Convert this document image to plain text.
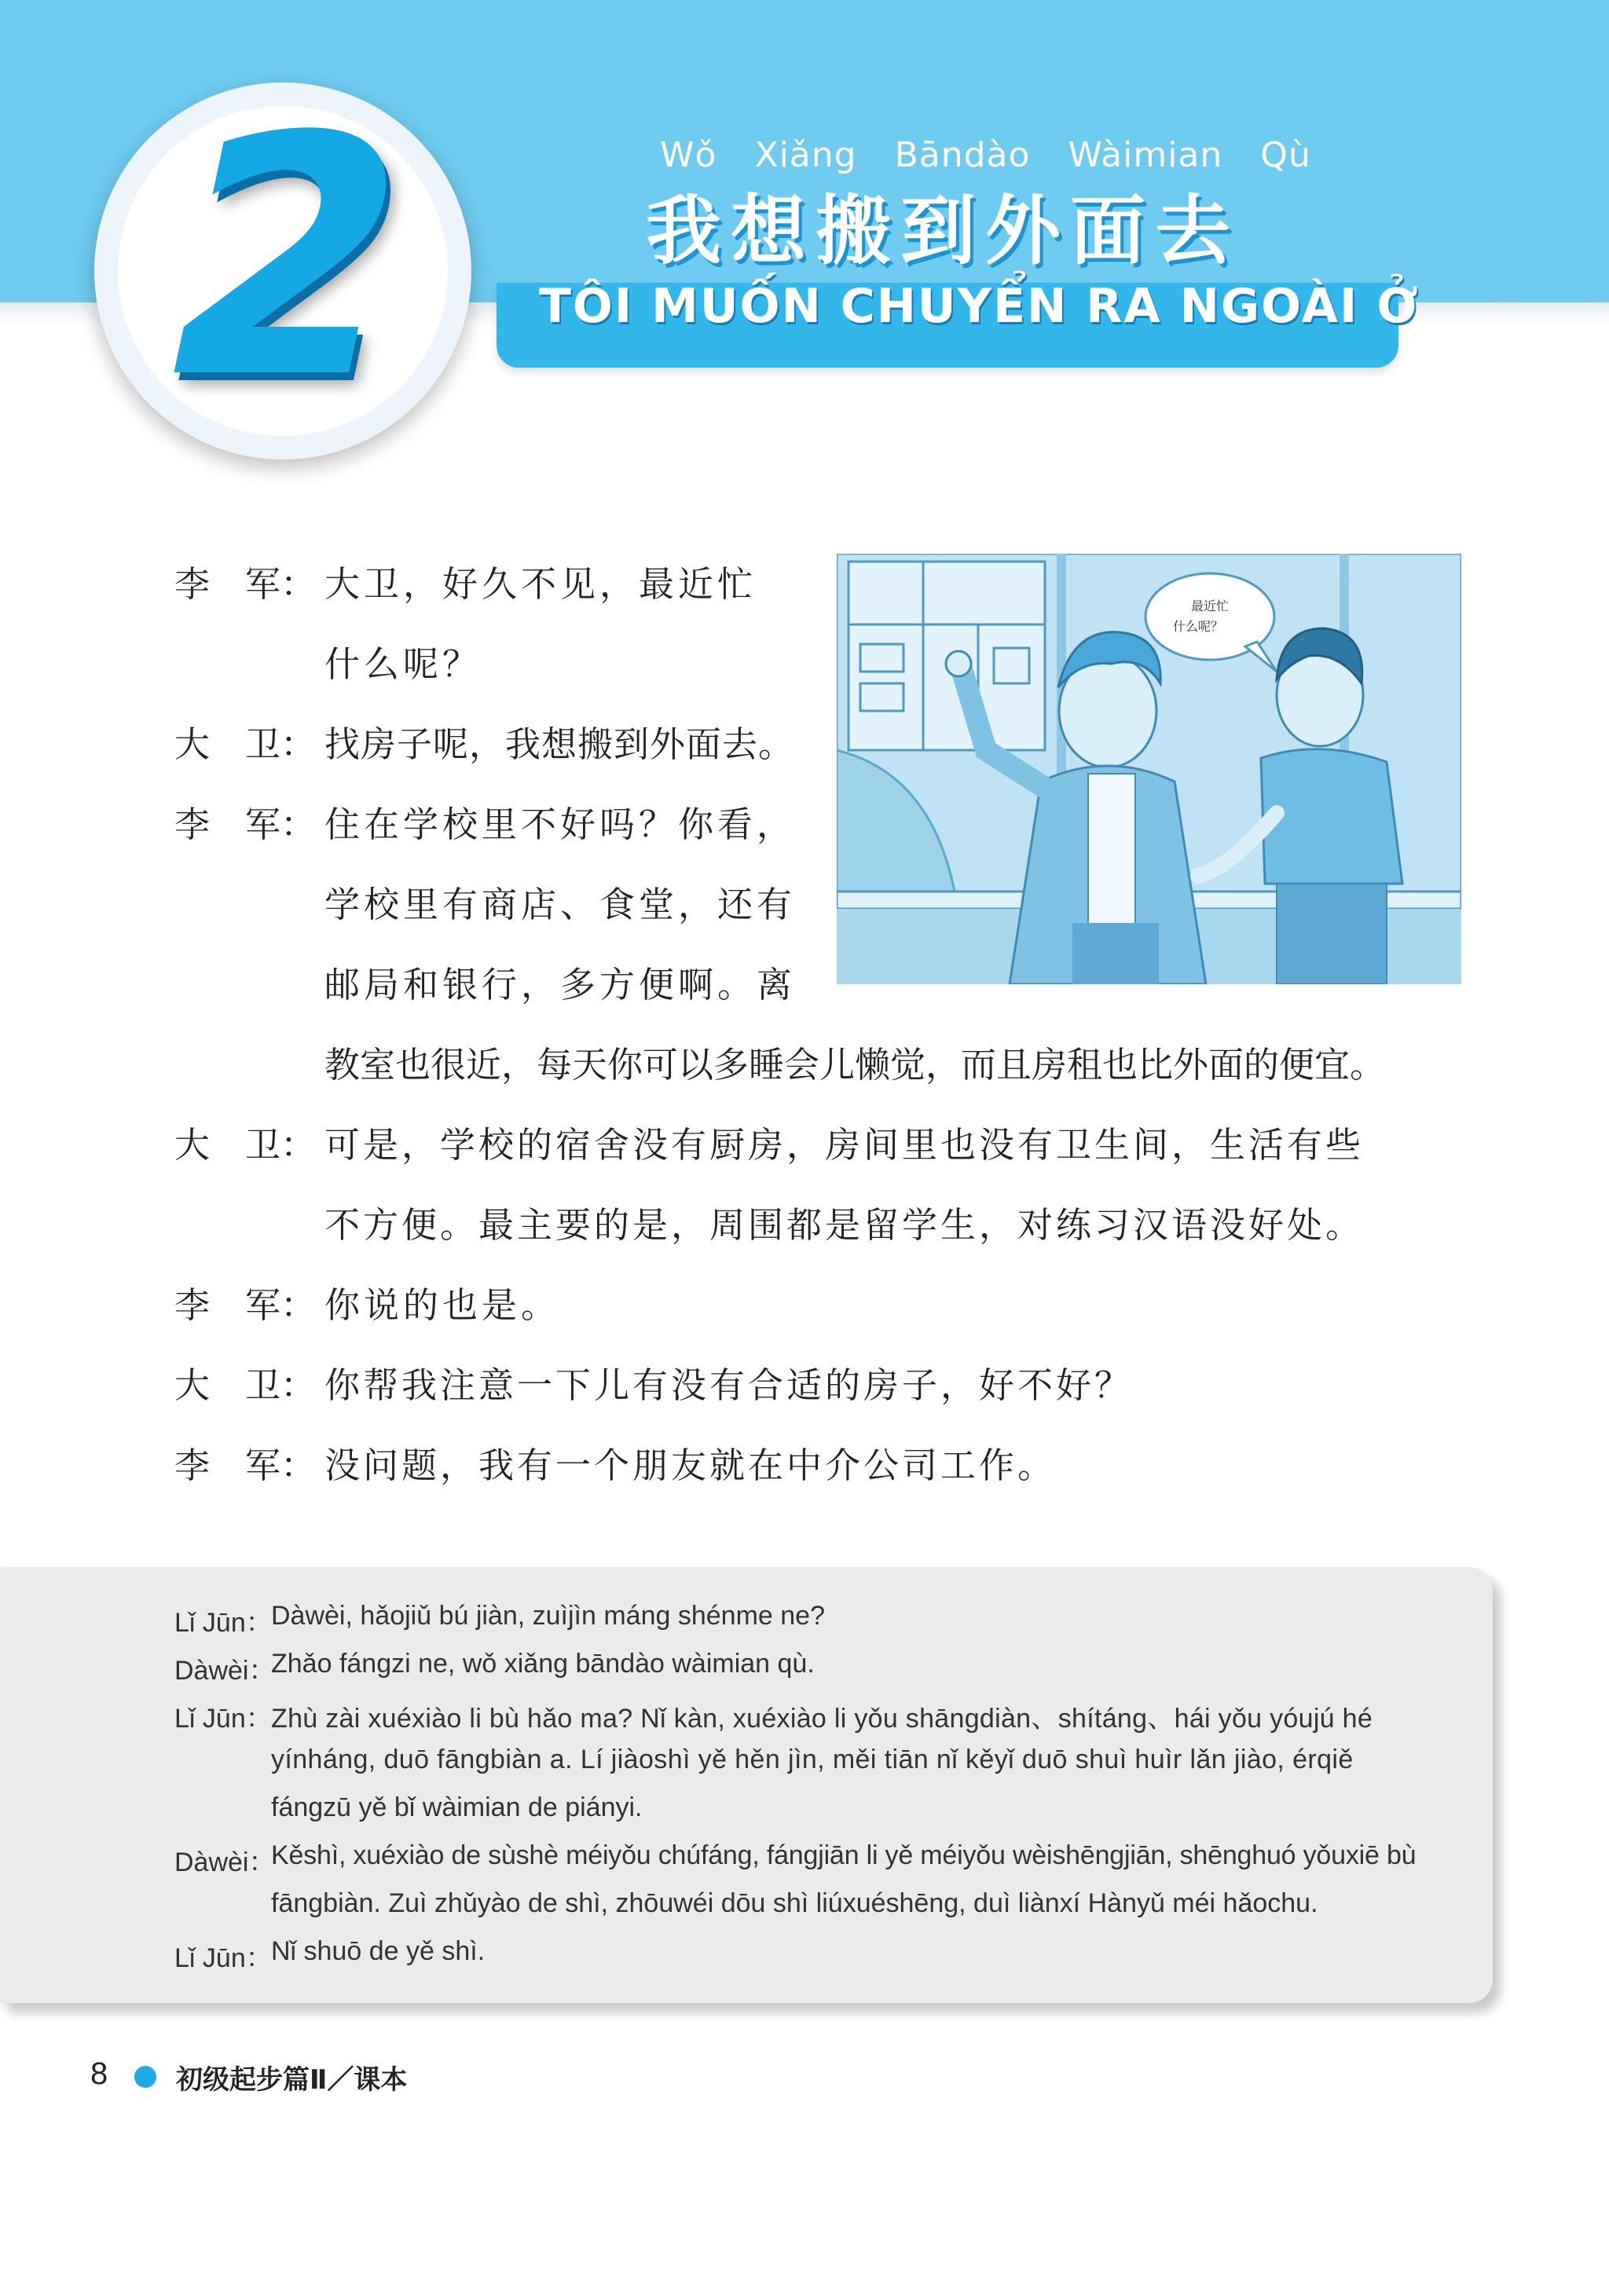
2	Wǒ Xiǎng Bāndào Wàimian Qù
我想搬到外面去
TÔI MUỐN CHUYỂN RA NGOÀI Ở
最近忙
什么呢？
李　军： 大卫，好久不见，最近忙
什么呢？
大　卫： 找房子呢，我想搬到外面去。
李　军： 住在学校里不好吗？你看，
学校里有商店、食堂，还有
邮局和银行，多方便啊。离
教室也很近，每天你可以多睡会儿懒觉，而且房租也比外面的便宜。
大　卫： 可是，学校的宿舍没有厨房，房间里也没有卫生间，生活有些
不方便。最主要的是，周围都是留学生，对练习汉语没好处。
李　军： 你说的也是。
大　卫： 你帮我注意一下儿有没有合适的房子，好不好？
李　军： 没问题，我有一个朋友就在中介公司工作。
Lǐ Jūn：
Dàwèi, hǎojiǔ bú jiàn, zuìjìn máng shénme ne?
Dàwèi：
Zhǎo fángzi ne, wǒ xiǎng bāndào wàimian qù.
Lǐ Jūn：
Zhù zài xuéxiào li bù hǎo ma? Nǐ kàn, xuéxiào li yǒu shāngdiàn、shítáng、hái yǒu yóujú hé
yínháng, duō fāngbiàn a. Lí jiàoshì yě hěn jìn, měi tiān nǐ kěyǐ duō shuì huìr lǎn jiào, érqiě
fángzū yě bǐ wàimian de piányi.
Dàwèi：
Kěshì, xuéxiào de sùshè méiyǒu chúfáng, fángjiān li yě méiyǒu wèishēngjiān, shēnghuó yǒuxiē bù
fāngbiàn. Zuì zhǔyào de shì, zhōuwéi dōu shì liúxuéshēng, duì liànxí Hànyǔ méi hǎochu.
Lǐ Jūn：
Nǐ shuō de yě shì.
8	初级起步篇Ⅱ／课本
